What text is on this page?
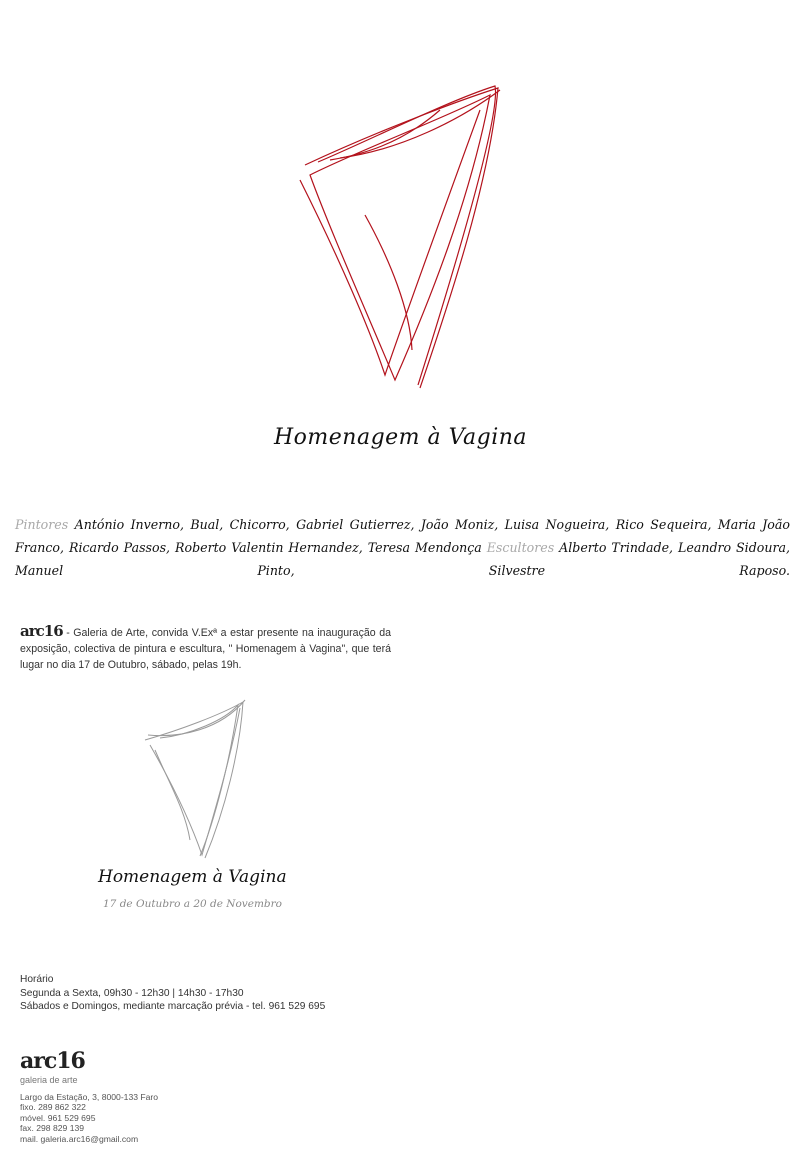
Homenagem à Vagina

Pintores António Inverno, Bual, Chicorro, Gabriel Gutierrez, João Moniz, Luisa Nogueira, Rico Sequeira, Maria João Franco, Ricardo Passos, Roberto Valentin Hernandez, Teresa Mendonça Escultores Alberto Trindade, Leandro Sidoura, Manuel Pinto, Silvestre Raposo.

arc16 - Galeria de Arte, convida V.Exª a estar presente na inauguração da exposição, colectiva de pintura e escultura, " Homenagem à Vagina", que terá lugar no dia 17 de Outubro, sábado, pelas 19h.

Homenagem à Vagina
17 de Outubro a 20 de Novembro
Horário
Segunda a Sexta, 09h30 - 12h30 | 14h30 - 17h30
Sábados e Domingos, mediante marcação prévia - tel. 961 529 695
arc16
galeria de arte
Largo da Estação, 3, 8000-133 Faro
fixo. 289 862 322
móvel. 961 529 695
fax. 298 829 139
mail. galeria.arc16@gmail.com
